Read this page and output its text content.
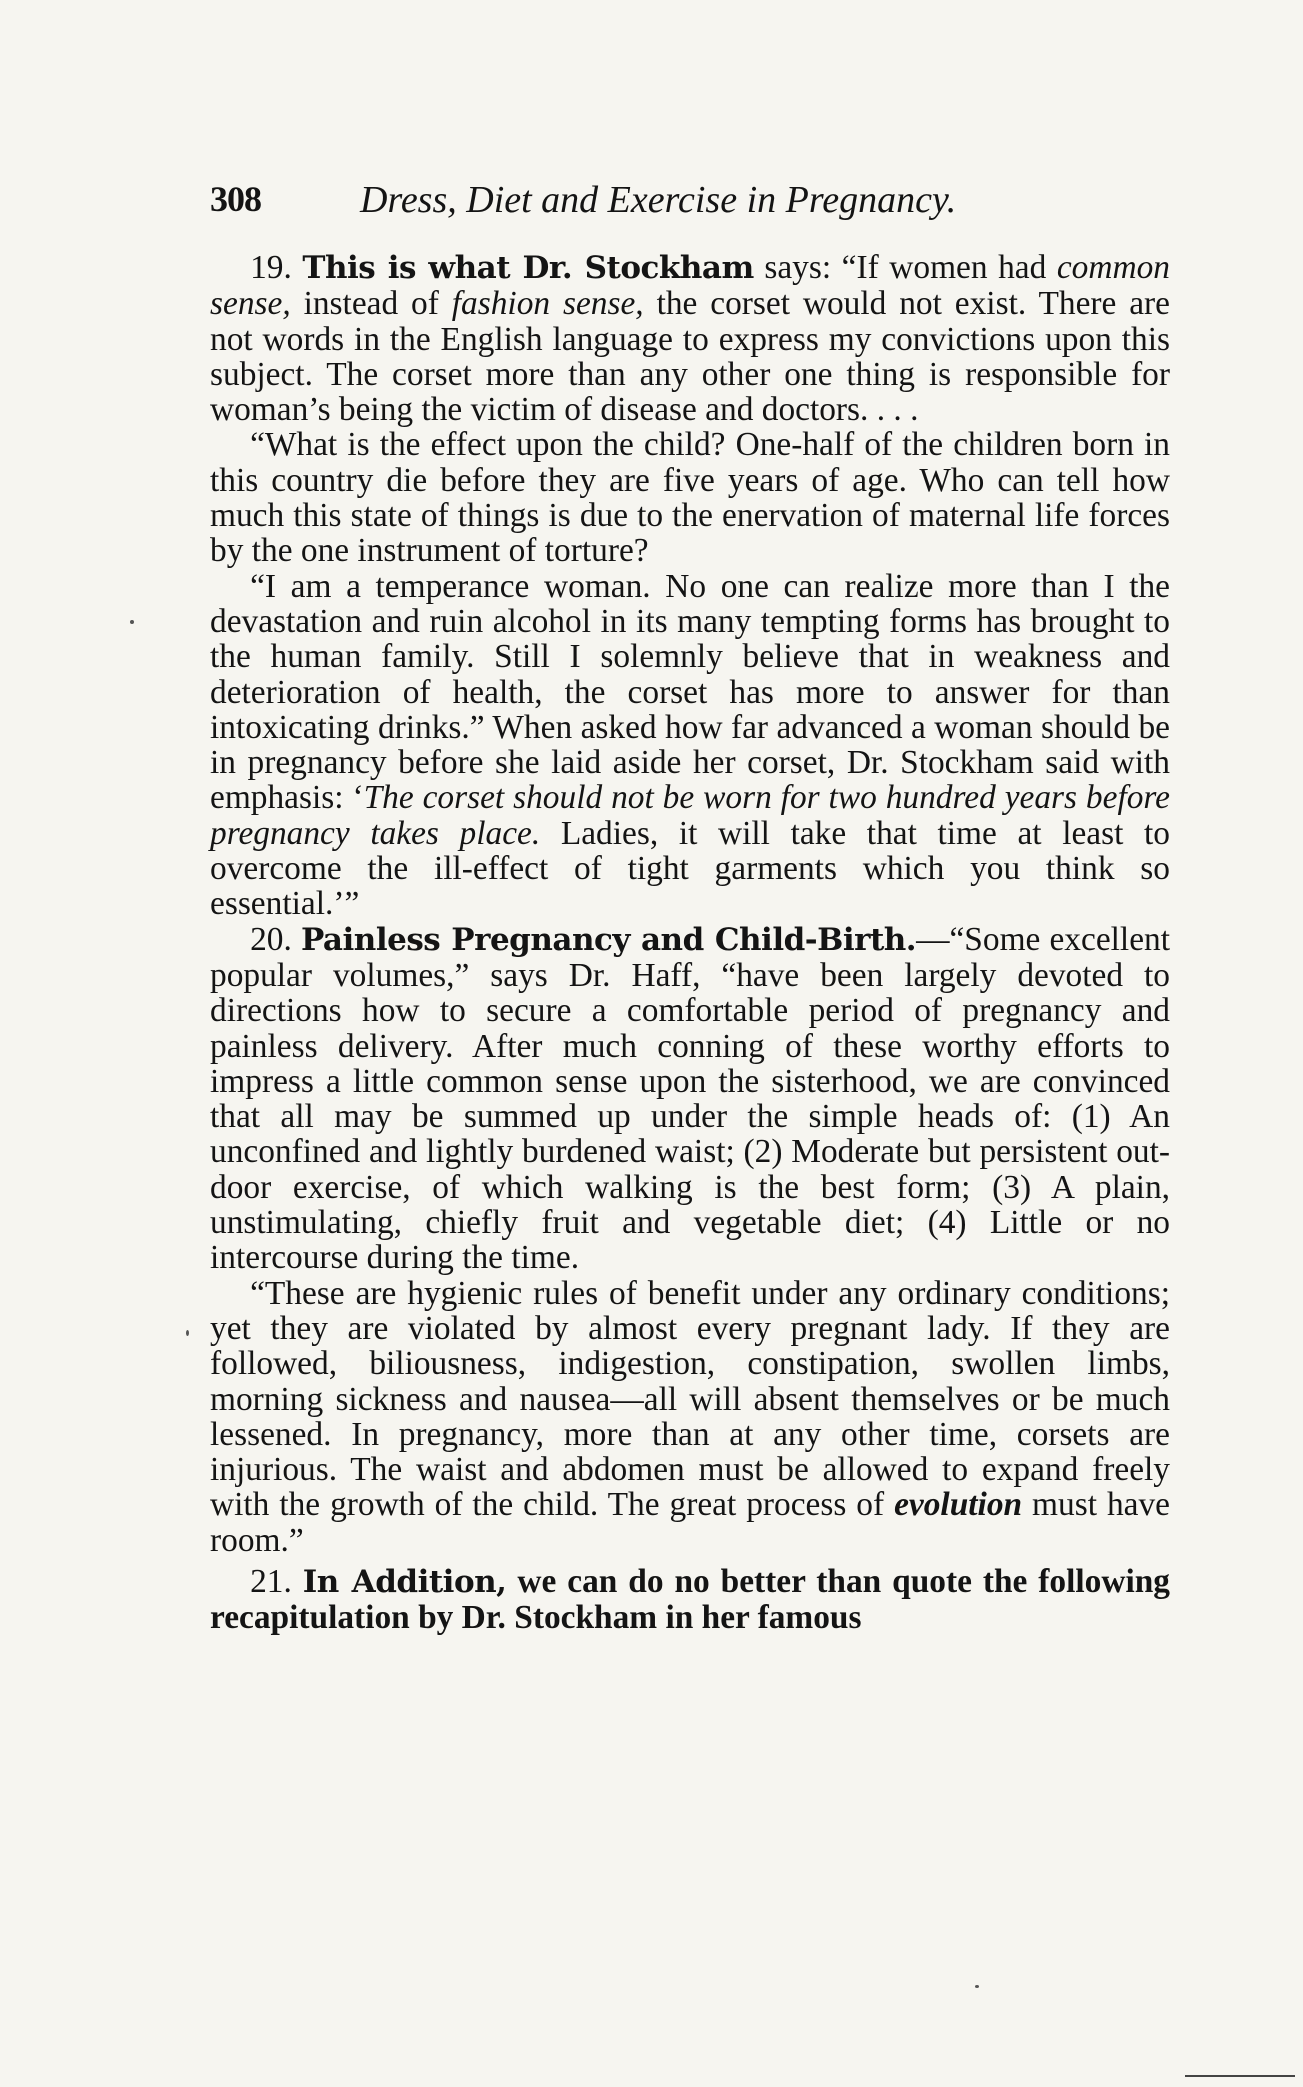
308	Dress, Diet and Exercise in Pregnancy.

19. This is what Dr. Stockham says: “If women had common sense, instead of fashion sense, the corset would not exist. There are not words in the English language to express my convictions upon this subject. The corset more than any other one thing is responsible for woman’s being the victim of disease and doctors. . . .

“What is the effect upon the child? One-half of the children born in this country die before they are five years of age. Who can tell how much this state of things is due to the enervation of maternal life forces by the one instrument of torture?

“I am a temperance woman. No one can realize more than I the devastation and ruin alcohol in its many tempting forms has brought to the human family. Still I solemnly believe that in weakness and deterioration of health, the corset has more to answer for than intoxicating drinks.” When asked how far advanced a woman should be in pregnancy before she laid aside her corset, Dr. Stockham said with emphasis: ‘The corset should not be worn for two hundred years before pregnancy takes place. Ladies, it will take that time at least to overcome the ill-effect of tight garments which you think so essential.’”

20. Painless Pregnancy and Child-Birth.—“Some excellent popular volumes,” says Dr. Haff, “have been largely devoted to directions how to secure a comfortable period of pregnancy and painless delivery. After much conning of these worthy efforts to impress a little common sense upon the sisterhood, we are convinced that all may be summed up under the simple heads of: (1) An unconfined and lightly burdened waist; (2) Moderate but persistent out-door exercise, of which walking is the best form; (3) A plain, unstimulating, chiefly fruit and vegetable diet; (4) Little or no intercourse during the time.

“These are hygienic rules of benefit under any ordinary conditions; yet they are violated by almost every pregnant lady. If they are followed, biliousness, indigestion, constipation, swollen limbs, morning sickness and nausea—all will absent themselves or be much lessened. In pregnancy, more than at any other time, corsets are injurious. The waist and abdomen must be allowed to expand freely with the growth of the child. The great process of evolution must have room.”

21. In Addition, we can do no better than quote the following recapitulation by Dr. Stockham in her famous
